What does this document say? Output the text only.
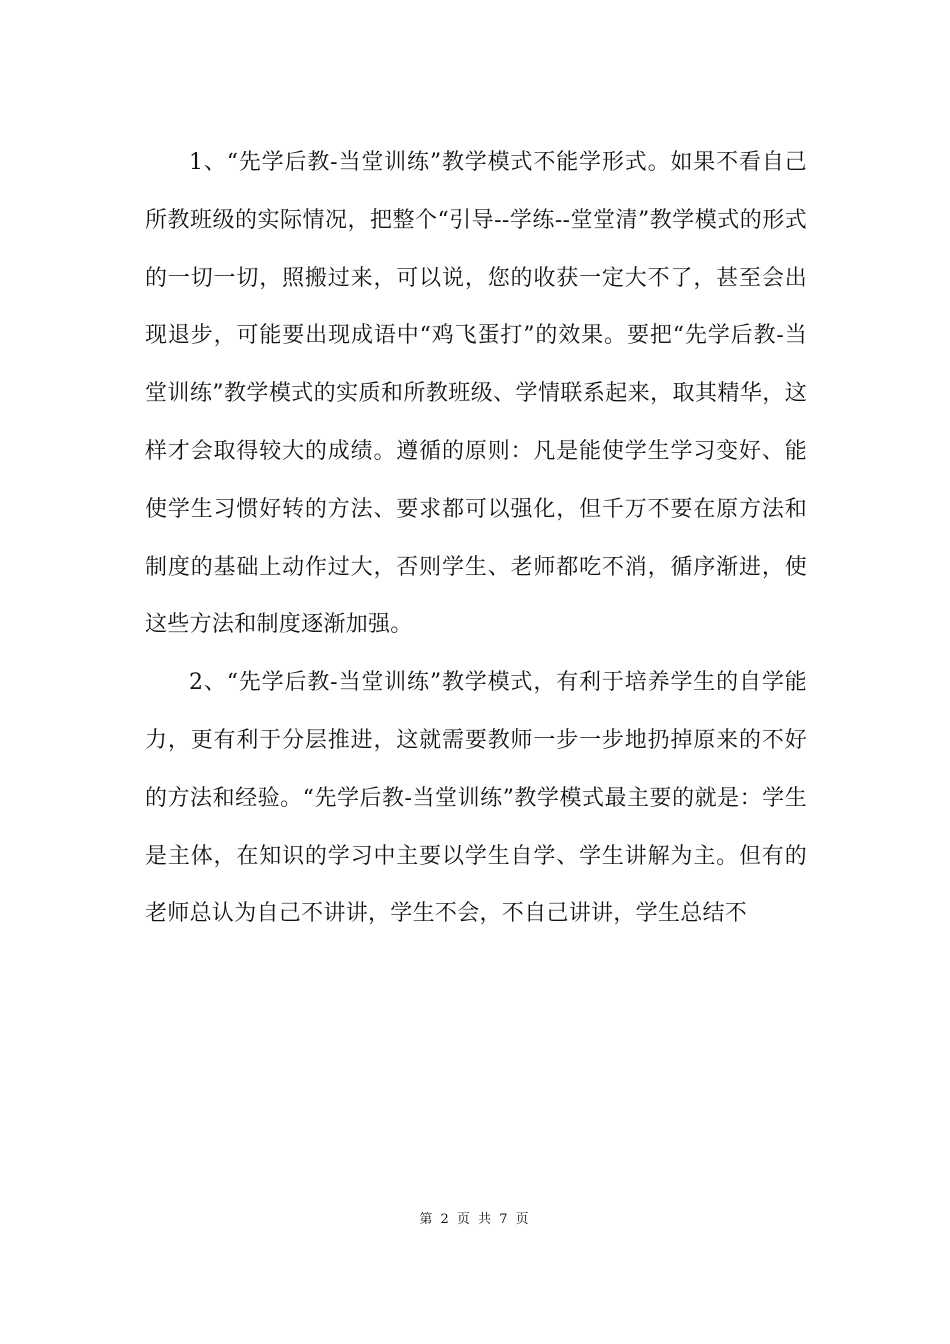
1、“先学后教-当堂训练”教学模式不能学形式。如果不看自己所教班级的实际情况，把整个“引导--学练--堂堂清”教学模式的形式的一切一切，照搬过来，可以说，您的收获一定大不了，甚至会出现退步，可能要出现成语中“鸡飞蛋打”的效果。要把“先学后教-当堂训练”教学模式的实质和所教班级、学情联系起来，取其精华，这样才会取得较大的成绩。遵循的原则：凡是能使学生学习变好、能使学生习惯好转的方法、要求都可以强化，但千万不要在原方法和制度的基础上动作过大，否则学生、老师都吃不消，循序渐进，使这些方法和制度逐渐加强。

2、“先学后教-当堂训练”教学模式，有利于培养学生的自学能力，更有利于分层推进，这就需要教师一步一步地扔掉原来的不好的方法和经验。“先学后教-当堂训练”教学模式最主要的就是：学生是主体，在知识的学习中主要以学生自学、学生讲解为主。但有的老师总认为自己不讲讲，学生不会，不自己讲讲，学生总结不

第 2 页 共 7 页
